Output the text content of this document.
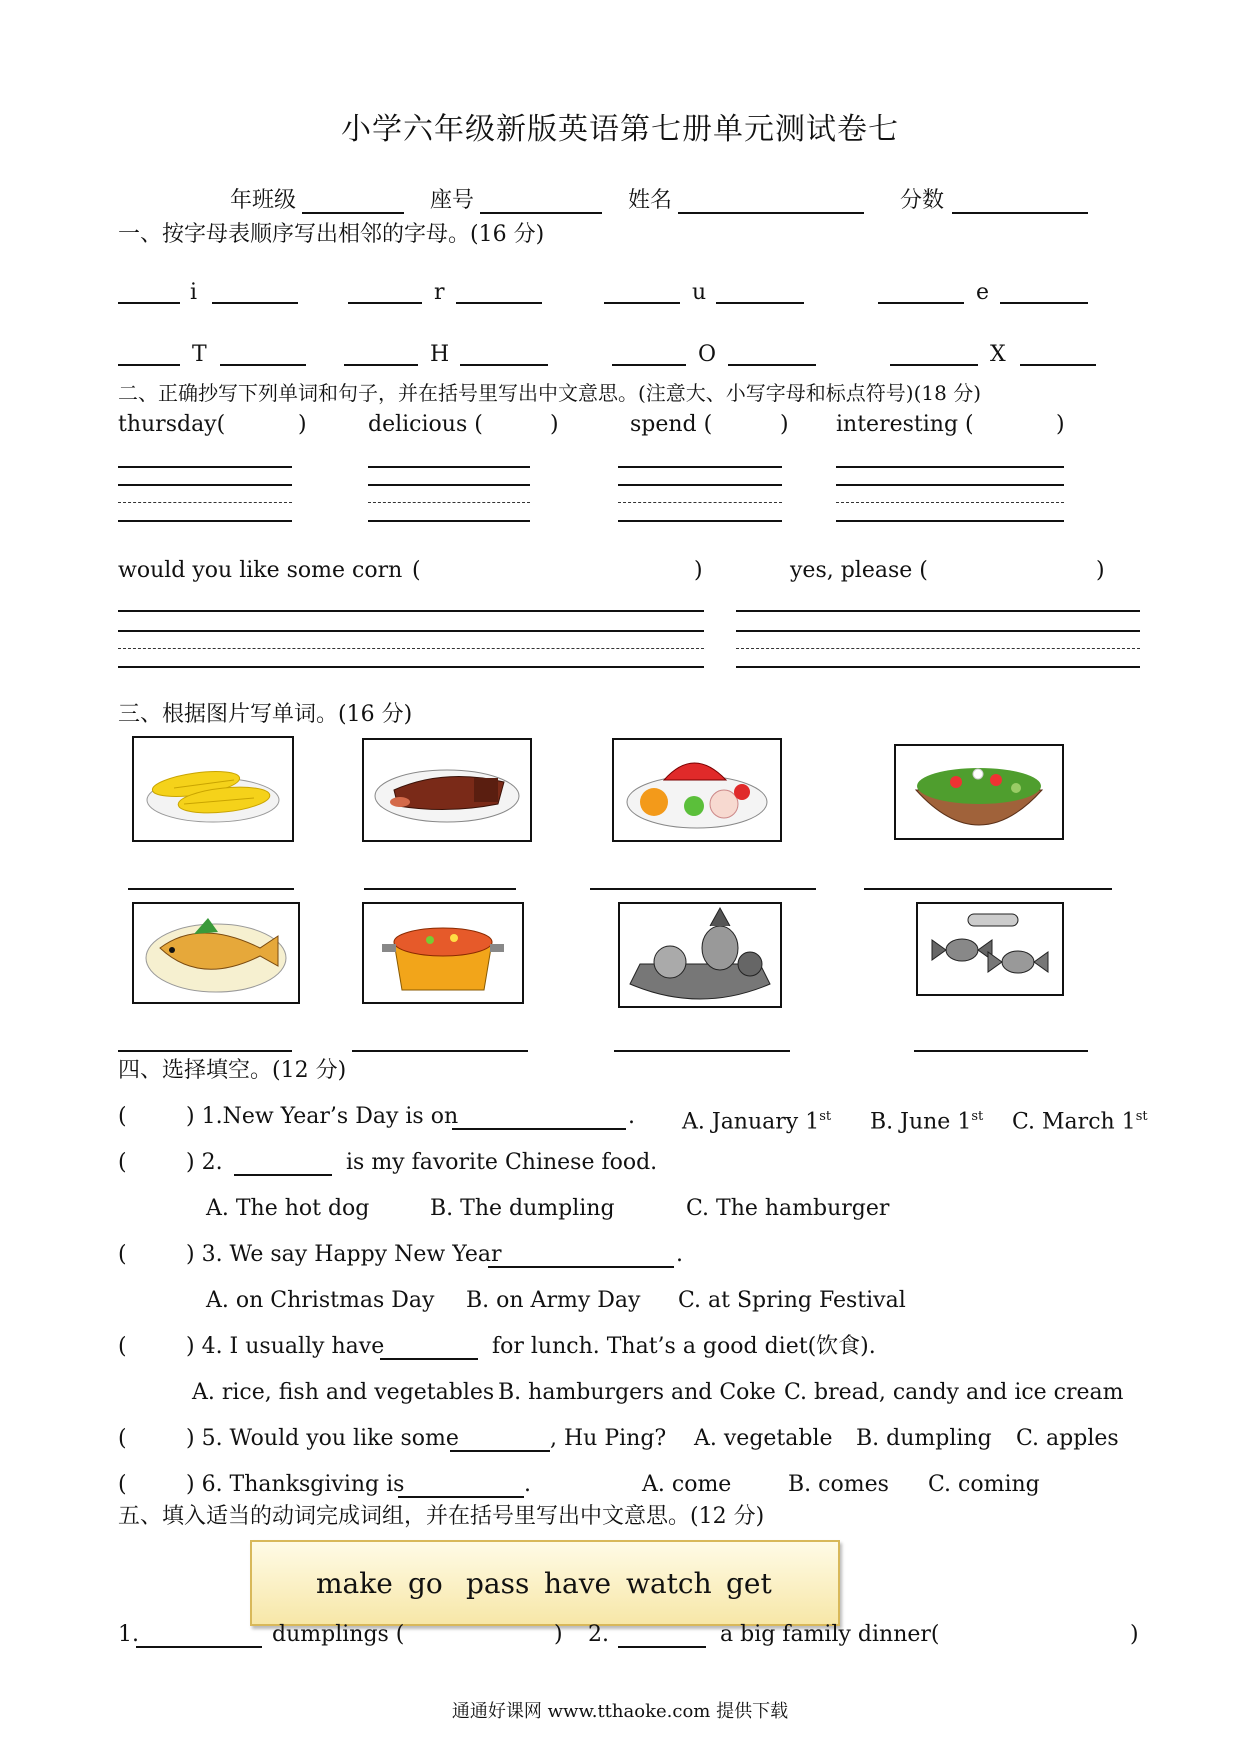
小学六年级新版英语第七册单元测试卷七
年班级	座号	姓名	分数
一、按字母表顺序写出相邻的字母。(16 分)
i	r	u	e
T	H	O	X
二、正确抄写下列单词和句子，并在括号里写出中文意思。(注意大、小写字母和标点符号)(18 分)
thursday(	)	delicious (	)	spend (	) interesting (	)
would you like some corn (	)	yes, please (	)
三、根据图片写单词。(16 分)
四、选择填空。(12 分)
(	) 1.New Year’s Day is on	. A. January 1st B. June 1st C. March 1st
(	) 2.	is my favorite Chinese food.
A. The hot dog	B. The dumpling	C. The hamburger
(	) 3. We say Happy New Year	.
A. on Christmas Day B. on Army Day C. at Spring Festival
(	) 4. I usually have	for lunch. That’s a good diet(饮食).
A. rice, fish and vegetables B. hamburgers and Coke C. bread, candy and ice cream
(	) 5. Would you like some	, Hu Ping? A. vegetable B. dumpling C. apples
(	) 6. Thanksgiving is	.	A. come	B. comes C. coming
五、填入适当的动词完成词组，并在括号里写出中文意思。(12 分)
make go pass have watch get
1.	dumplings (	) 2.	a big family dinner(	)
通通好课网 www.tthaoke.com 提供下载
